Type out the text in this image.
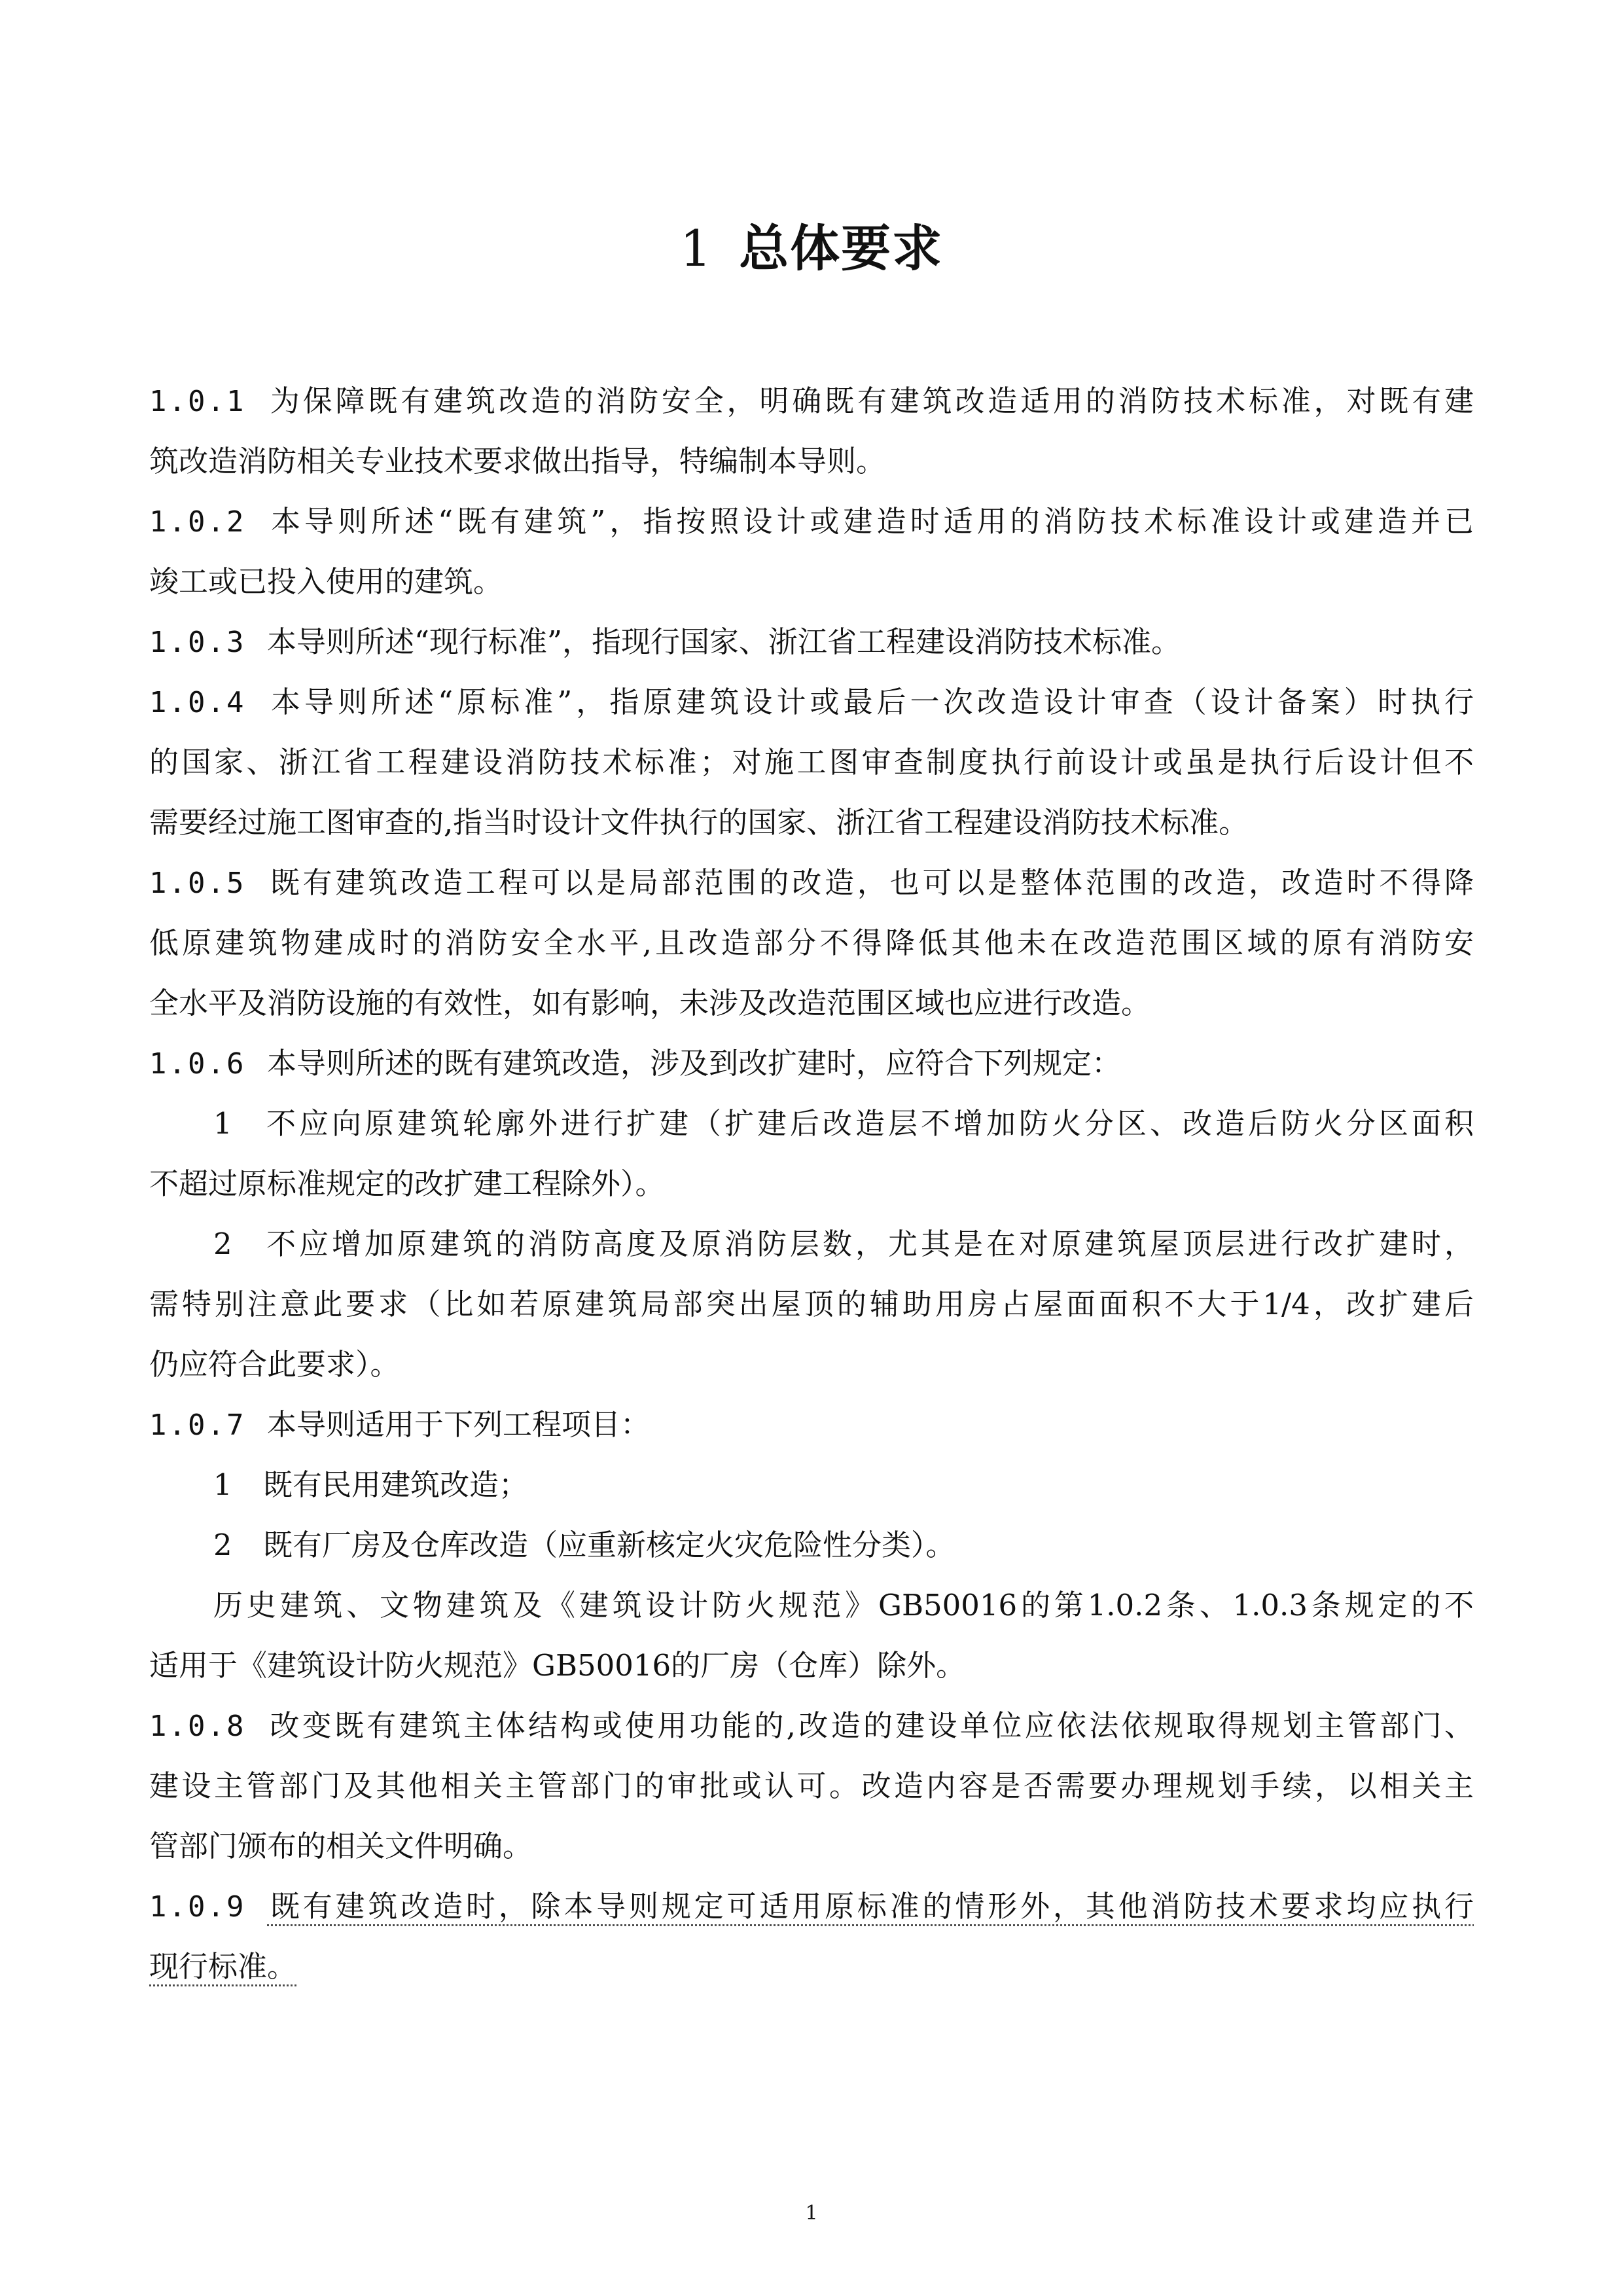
1 总体要求
1.0.1 为保障既有建筑改造的消防安全，明确既有建筑改造适用的消防技术标准，对既有建
筑改造消防相关专业技术要求做出指导，特编制本导则。
1.0.2 本导则所述“既有建筑”，指按照设计或建造时适用的消防技术标准设计或建造并已
竣工或已投入使用的建筑。
1.0.3 本导则所述“现行标准”，指现行国家、浙江省工程建设消防技术标准。
1.0.4 本导则所述“原标准”，指原建筑设计或最后一次改造设计审查（设计备案）时执行
的国家、浙江省工程建设消防技术标准；对施工图审查制度执行前设计或虽是执行后设计但不
需要经过施工图审查的,指当时设计文件执行的国家、浙江省工程建设消防技术标准。
1.0.5 既有建筑改造工程可以是局部范围的改造，也可以是整体范围的改造，改造时不得降
低原建筑物建成时的消防安全水平,且改造部分不得降低其他未在改造范围区域的原有消防安
全水平及消防设施的有效性，如有影响，未涉及改造范围区域也应进行改造。
1.0.6 本导则所述的既有建筑改造，涉及到改扩建时，应符合下列规定：
1 不应向原建筑轮廓外进行扩建（扩建后改造层不增加防火分区、改造后防火分区面积
不超过原标准规定的改扩建工程除外）。
2 不应增加原建筑的消防高度及原消防层数，尤其是在对原建筑屋顶层进行改扩建时，
需特别注意此要求（比如若原建筑局部突出屋顶的辅助用房占屋面面积不大于1/4，改扩建后
仍应符合此要求）。
1.0.7 本导则适用于下列工程项目：
1 既有民用建筑改造；
2 既有厂房及仓库改造（应重新核定火灾危险性分类）。
历史建筑、文物建筑及《建筑设计防火规范》GB50016的第1.0.2条、1.0.3条规定的不
适用于《建筑设计防火规范》GB50016的厂房（仓库）除外。
1.0.8 改变既有建筑主体结构或使用功能的,改造的建设单位应依法依规取得规划主管部门、
建设主管部门及其他相关主管部门的审批或认可。改造内容是否需要办理规划手续，以相关主
管部门颁布的相关文件明确。
1.0.9 既有建筑改造时，除本导则规定可适用原标准的情形外，其他消防技术要求均应执行
现行标准。
1
